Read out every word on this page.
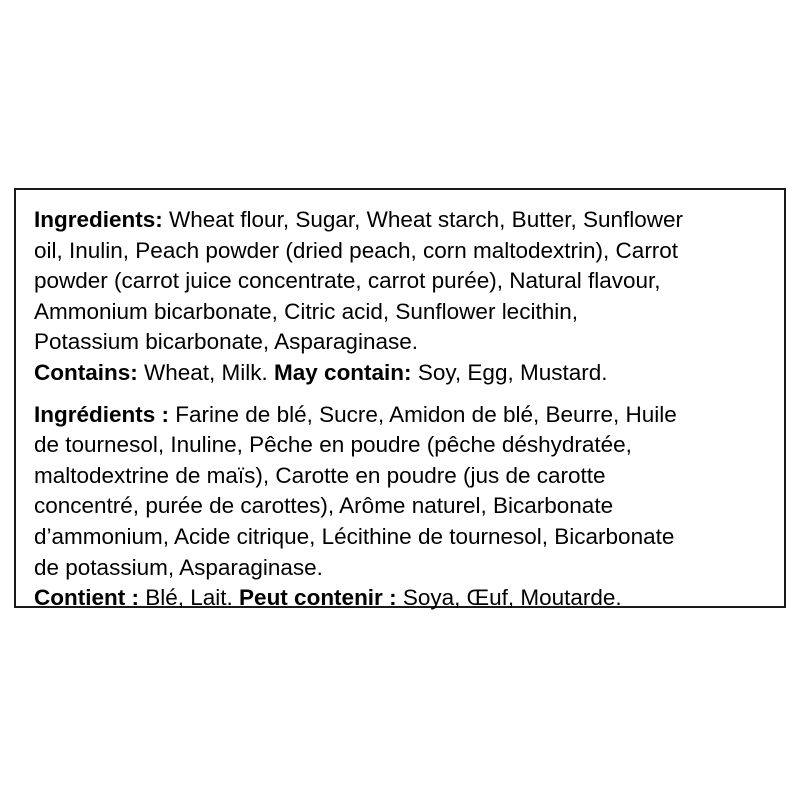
Ingredients: Wheat flour, Sugar, Wheat starch, Butter, Sunflower
oil, Inulin, Peach powder (dried peach, corn maltodextrin), Carrot
powder (carrot juice concentrate, carrot purée), Natural flavour,
Ammonium bicarbonate, Citric acid, Sunflower lecithin,
Potassium bicarbonate, Asparaginase.
Contains: Wheat, Milk. May contain: Soy, Egg, Mustard.
Ingrédients : Farine de blé, Sucre, Amidon de blé, Beurre, Huile
de tournesol, Inuline, Pêche en poudre (pêche déshydratée,
maltodextrine de maïs), Carotte en poudre (jus de carotte
concentré, purée de carottes), Arôme naturel, Bicarbonate
d’ammonium, Acide citrique, Lécithine de tournesol, Bicarbonate
de potassium, Asparaginase.
Contient : Blé, Lait. Peut contenir : Soya, Œuf, Moutarde.
